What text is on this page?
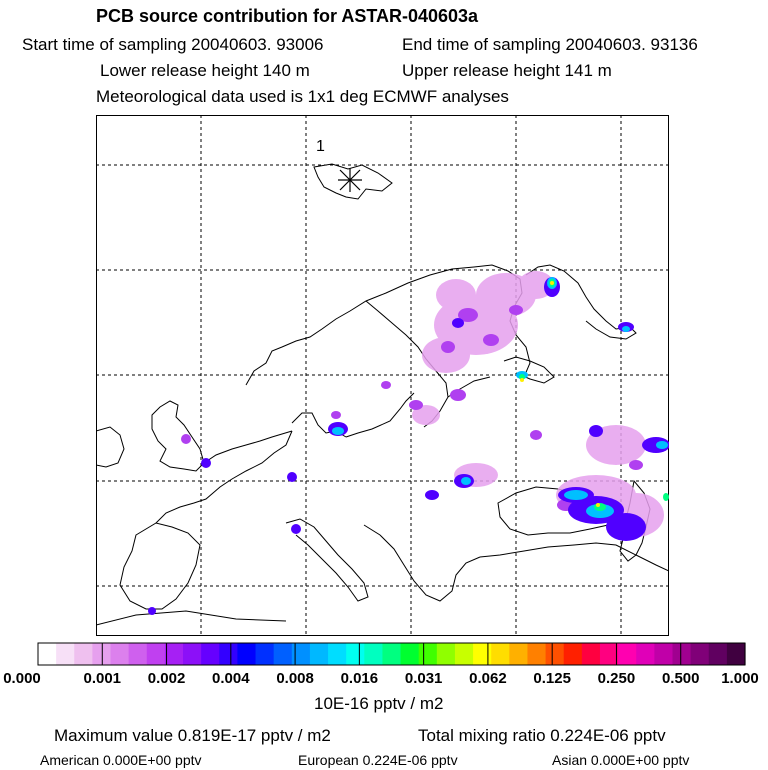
PCB source contribution for ASTAR-040603a
Start time of sampling 20040603. 93006	End time of sampling 20040603. 93136
Lower release height 140 m	Upper release height 141 m
Meteorological data used is 1x1 deg ECMWF analyses
1
0.000	0.001 0.002 0.004 0.008 0.016 0.031 0.062 0.125 0.250 0.500 1.000
10E-16 pptv / m2
Maximum value 0.819E-17 pptv / m2	Total mixing ratio 0.224E-06 pptv
American 0.000E+00 pptv	European 0.224E-06 pptv	Asian 0.000E+00 pptv
